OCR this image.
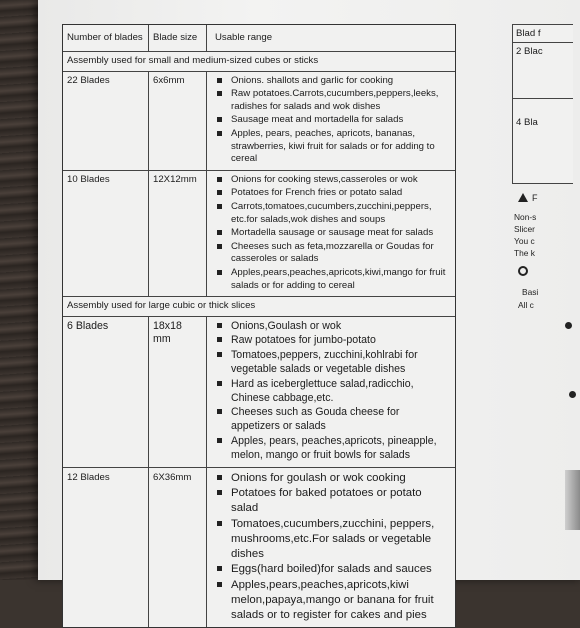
Number of blades	Blade size	Usable range
Assembly used for small and medium-sized cubes or sticks
22 Blades	6x6mm	Onions. shallots and garlic for cooking
Raw potatoes.Carrots,cucumbers,peppers,leeks, radishes for salads and wok dishes
Sausage meat and mortadella for salads
Apples, pears, peaches, apricots, bananas, strawberries, kiwi fruit for salads or for adding to cereal
10 Blades	12X12mm	Onions for cooking stews,casseroles or wok
Potatoes for French fries or potato salad
Carrots,tomatoes,cucumbers,zucchini,peppers, etc.for salads,wok dishes and soups
Mortadella sausage or sausage meat for salads
Cheeses such as feta,mozzarella or Goudas for casseroles or salads
Apples,pears,peaches,apricots,kiwi,mango for fruit salads or for adding to cereal
Assembly used for large cubic or thick slices
6 Blades	18x18 mm
Onions,Goulash or wok
Raw potatoes for jumbo-potato
Tomatoes,peppers, zucchini,kohlrabi for vegetable salads or vegetable dishes
Hard as iceberglettuce salad,radicchio, Chinese cabbage,etc.
Cheeses such as Gouda cheese for appetizers or salads
Apples, pears, peaches,apricots, pineapple, melon, mango or fruit bowls for salads
12 Blades	6X36mm	Onions for goulash or wok cooking
Potatoes for baked potatoes or potato salad
Tomatoes,cucumbers,zucchini, peppers, mushrooms,etc.For salads or vegetable dishes
Eggs(hard boiled)for salads and sauces
Apples,pears,peaches,apricots,kiwi melon,papaya,mango or banana for fruit salads or to register for cakes and pies
Blad f
2 Blac
4 Bla
F
Non-s
Slicer
You c
The k
Basi
All c
